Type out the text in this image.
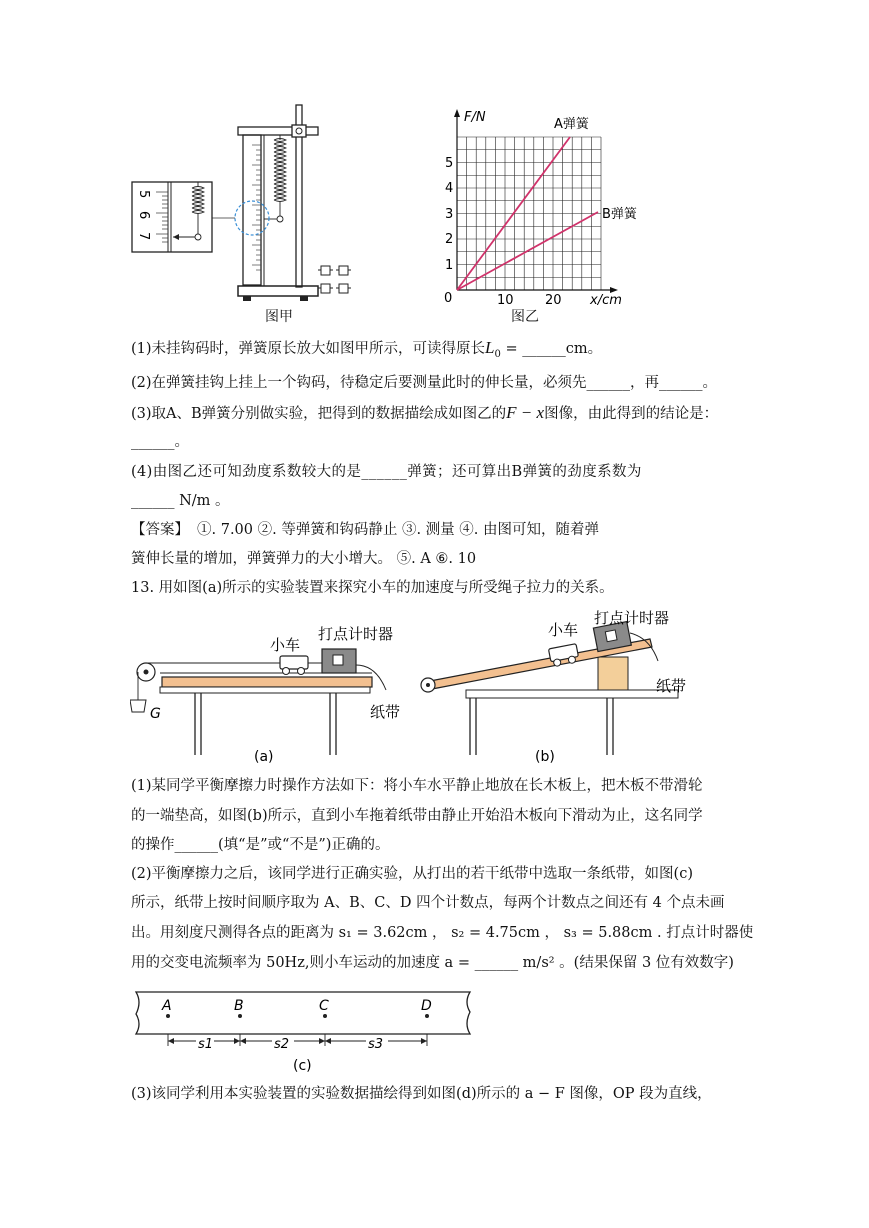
5
6
7
图甲
F/N
x/cm
0
1
2
3
4
5
10 20
A弹簧
B弹簧
图乙
(1)未挂钩码时，弹簧原长放大如图甲所示，可读得原长$L_0$ = ______cm。
(2)在弹簧挂钩上挂上一个钩码，待稳定后要测量此时的伸长量，必须先______，再______。
(3)取A、B弹簧分别做实验，把得到的数据描绘成如图乙的F − x图像，由此得到的结论是：
______。
(4)由图乙还可知劲度系数较大的是______弹簧；还可算出B弹簧的劲度系数为
______ N/m 。
【答案】 ①. 7.00 ②. 等弹簧和钩码静止 ③. 测量 ④. 由图可知，随着弹
簧伸长量的增加，弹簧弹力的大小增大。 ⑤. A ⑥. 10
13. 用如图(a)所示的实验装置来探究小车的加速度与所受绳子拉力的关系。
小车
打点计时器
纸带
G
(a)
小车
打点计时器
纸带
(b)
(1)某同学平衡摩擦力时操作方法如下：将小车水平静止地放在长木板上，把木板不带滑轮
的一端垫高，如图(b)所示，直到小车拖着纸带由静止开始沿木板向下滑动为止，这名同学
的操作______(填“是”或“不是”)正确的。
(2)平衡摩擦力之后，该同学进行正确实验，从打出的若干纸带中选取一条纸带，如图(c)
所示，纸带上按时间顺序取为 A、B、C、D 四个计数点，每两个计数点之间还有 4 个点未画
出。用刻度尺测得各点的距离为 s₁ = 3.62cm ， s₂ = 4.75cm ， s₃ = 5.88cm . 打点计时器使
用的交变电流频率为 50Hz,则小车运动的加速度 a = ______ m/s² 。(结果保留 3 位有效数字)
A	B	C	D
s1	s2	s3
(c)
(3)该同学利用本实验装置的实验数据描绘得到如图(d)所示的 a − F 图像，OP 段为直线，
